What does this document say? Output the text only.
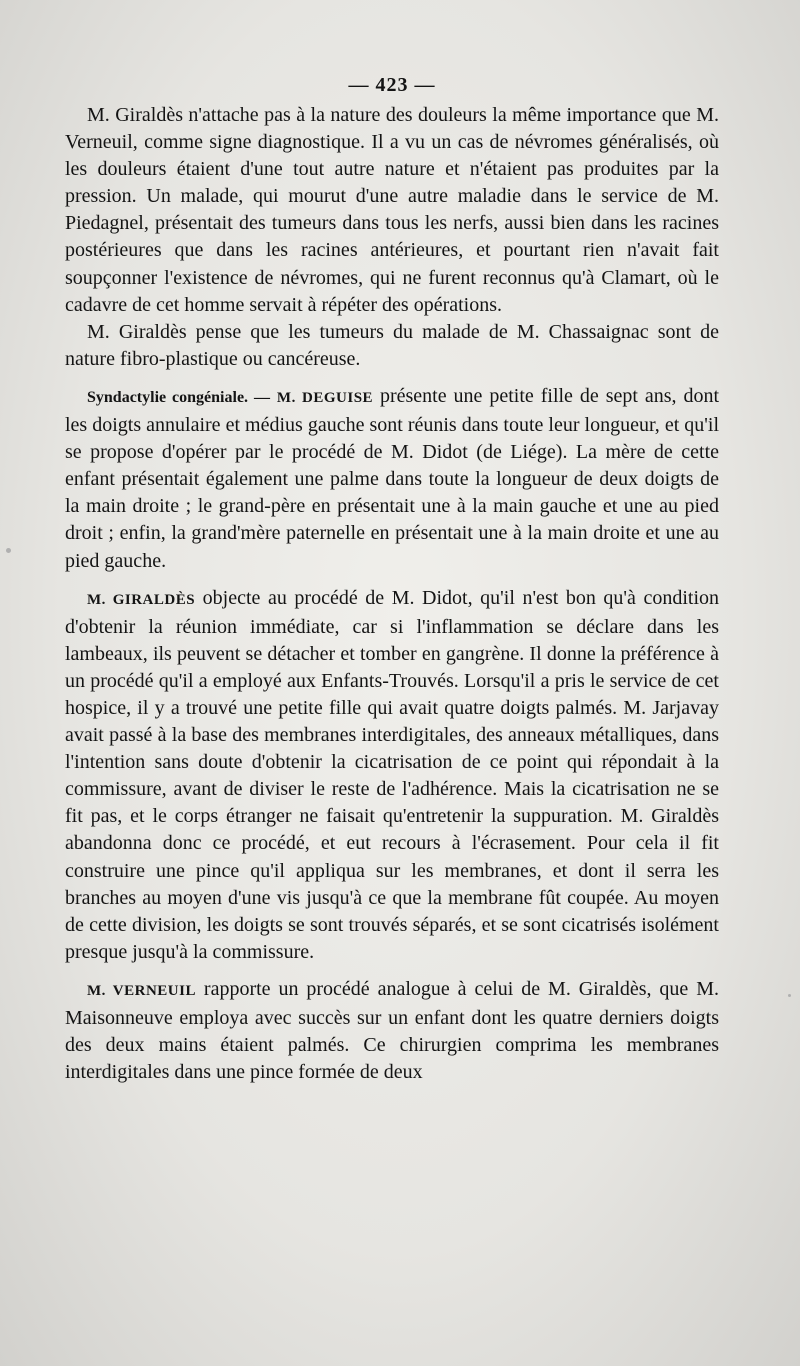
— 423 —

M. Giraldès n'attache pas à la nature des douleurs la même importance que M. Verneuil, comme signe diagnostique. Il a vu un cas de névromes généralisés, où les douleurs étaient d'une tout autre nature et n'étaient pas produites par la pression. Un malade, qui mourut d'une autre maladie dans le service de M. Piedagnel, présentait des tumeurs dans tous les nerfs, aussi bien dans les racines postérieures que dans les racines antérieures, et pourtant rien n'avait fait soupçonner l'existence de névromes, qui ne furent reconnus qu'à Clamart, où le cadavre de cet homme servait à répéter des opérations.

M. Giraldès pense que les tumeurs du malade de M. Chassaignac sont de nature fibro-plastique ou cancéreuse.

Syndactylie congéniale. — M. DEGUISE présente une petite fille de sept ans, dont les doigts annulaire et médius gauche sont réunis dans toute leur longueur, et qu'il se propose d'opérer par le procédé de M. Didot (de Liége). La mère de cette enfant présentait également une palme dans toute la longueur de deux doigts de la main droite ; le grand-père en présentait une à la main gauche et une au pied droit ; enfin, la grand'mère paternelle en présentait une à la main droite et une au pied gauche.

M. GIRALDÈS objecte au procédé de M. Didot, qu'il n'est bon qu'à condition d'obtenir la réunion immédiate, car si l'inflammation se déclare dans les lambeaux, ils peuvent se détacher et tomber en gangrène. Il donne la préférence à un procédé qu'il a employé aux Enfants-Trouvés. Lorsqu'il a pris le service de cet hospice, il y a trouvé une petite fille qui avait quatre doigts palmés. M. Jarjavay avait passé à la base des membranes interdigitales, des anneaux métalliques, dans l'intention sans doute d'obtenir la cicatrisation de ce point qui répondait à la commissure, avant de diviser le reste de l'adhérence. Mais la cicatrisation ne se fit pas, et le corps étranger ne faisait qu'entretenir la suppuration. M. Giraldès abandonna donc ce procédé, et eut recours à l'écrasement. Pour cela il fit construire une pince qu'il appliqua sur les membranes, et dont il serra les branches au moyen d'une vis jusqu'à ce que la membrane fût coupée. Au moyen de cette division, les doigts se sont trouvés séparés, et se sont cicatrisés isolément presque jusqu'à la commissure.

M. VERNEUIL rapporte un procédé analogue à celui de M. Giraldès, que M. Maisonneuve employa avec succès sur un enfant dont les quatre derniers doigts des deux mains étaient palmés. Ce chirurgien comprima les membranes interdigitales dans une pince formée de deux
